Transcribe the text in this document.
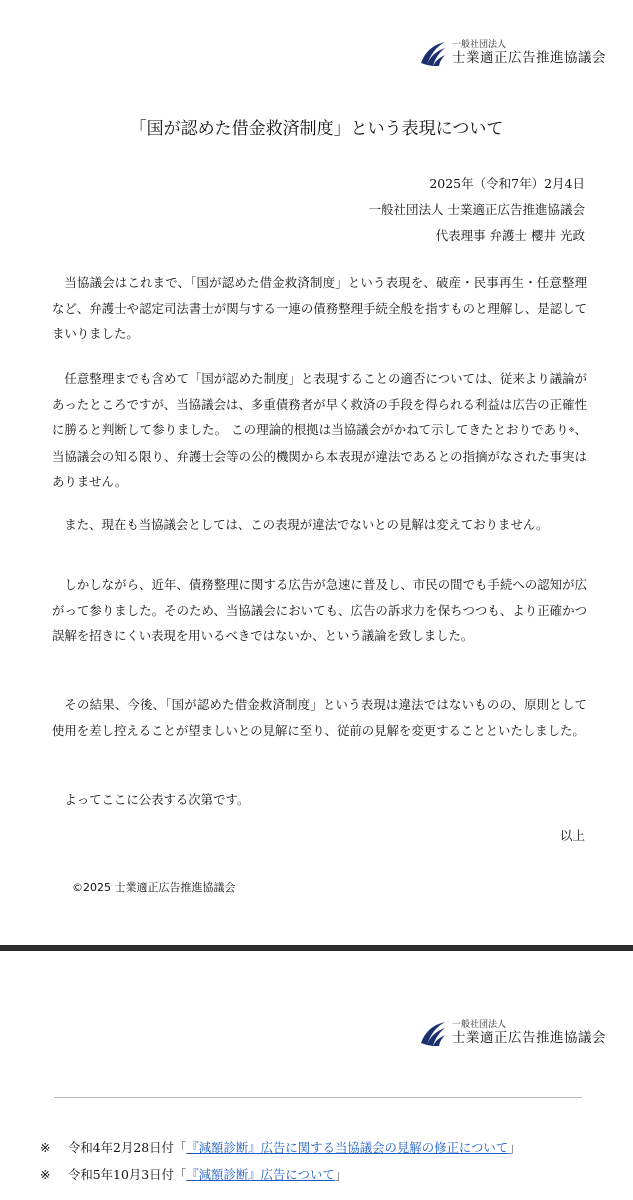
一般社団法人
士業適正広告推進協議会
「国が認めた借金救済制度」という表現について
2025年（令和7年）2月4日
一般社団法人 士業適正広告推進協議会
代表理事 弁護士 櫻井 光政

当協議会はこれまで、「国が認めた借金救済制度」という表現を、破産・民事再生・任意整理など、弁護士や認定司法書士が関与する一連の債務整理手続全般を指すものと理解し、是認してまいりました。

任意整理までも含めて「国が認めた制度」と表現することの適否については、従来より議論があったところですが、当協議会は、多重債務者が早く救済の手段を得られる利益は広告の正確性に勝ると判断して参りました。 この理論的根拠は当協議会がかねて示してきたとおりであり※、当協議会の知る限り、弁護士会等の公的機関から本表現が違法であるとの指摘がなされた事実はありません。

また、現在も当協議会としては、この表現が違法でないとの見解は変えておりません。

しかしながら、近年、債務整理に関する広告が急速に普及し、市民の間でも手続への認知が広がって参りました。そのため、当協議会においても、広告の訴求力を保ちつつも、より正確かつ誤解を招きにくい表現を用いるべきではないか、という議論を致しました。

その結果、今後、「国が認めた借金救済制度」という表現は違法ではないものの、原則として使用を差し控えることが望ましいとの見解に至り、従前の見解を変更することといたしました。

よってここに公表する次第です。

以上
©2025 士業適正広告推進協議会
一般社団法人
士業適正広告推進協議会
※	令和4年2月28日付 「 『減額診断』広告に関する当協議会の見解の修正について 」
※	令和5年10月3日付 「 『減額診断』広告について 」
